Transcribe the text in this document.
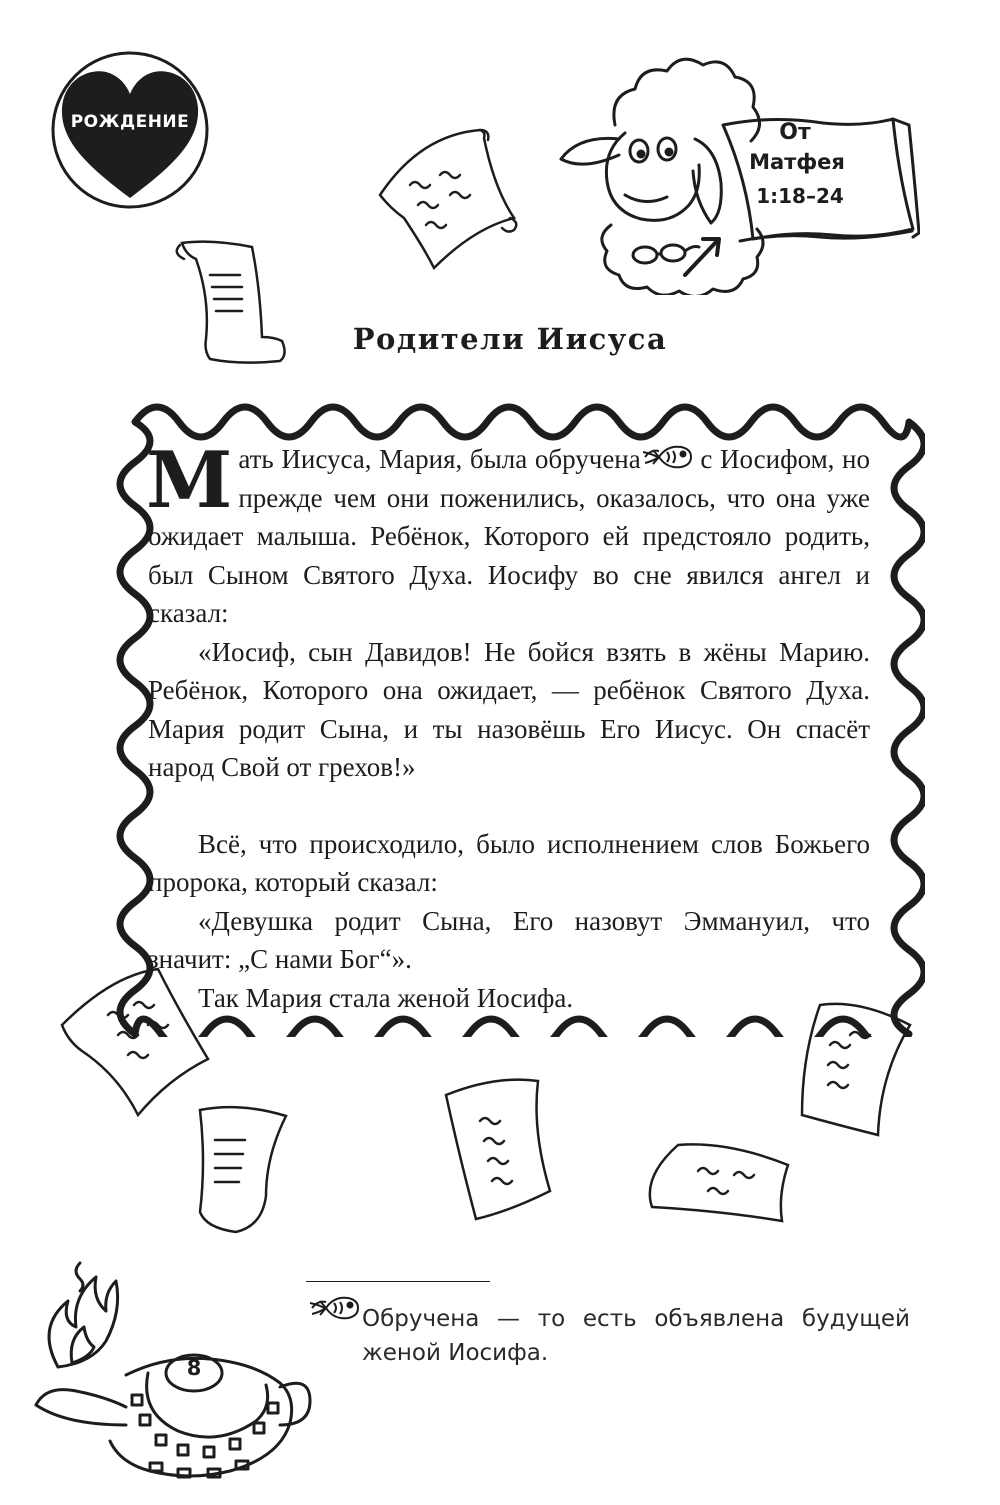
РОЖДЕНИЕ	От
Матфея
1:18–24
Родители Иисуса

Мать Иисуса, Мария, была обручена с Иосифом, но прежде чем они поженились, оказалось, что она уже ожидает малыша. Ребёнок, Которого ей предстояло родить, был Сыном Святого Духа. Иосифу во сне явился ангел и сказал:

«Иосиф, сын Давидов! Не бойся взять в жёны Марию. Ребёнок, Которого она ожидает, — ребёнок Святого Духа. Мария родит Сына, и ты назовёшь Его Иисус. Он спасёт народ Свой от грехов!»

Всё, что происходило, было исполнением слов Божьего пророка, который сказал:

«Девушка родит Сына, Его назовут Эммануил, что значит: „С нами Бог“».

Так Мария стала женой Иосифа.

Обручена — то есть объявлена будущей женой Иосифа.
8
